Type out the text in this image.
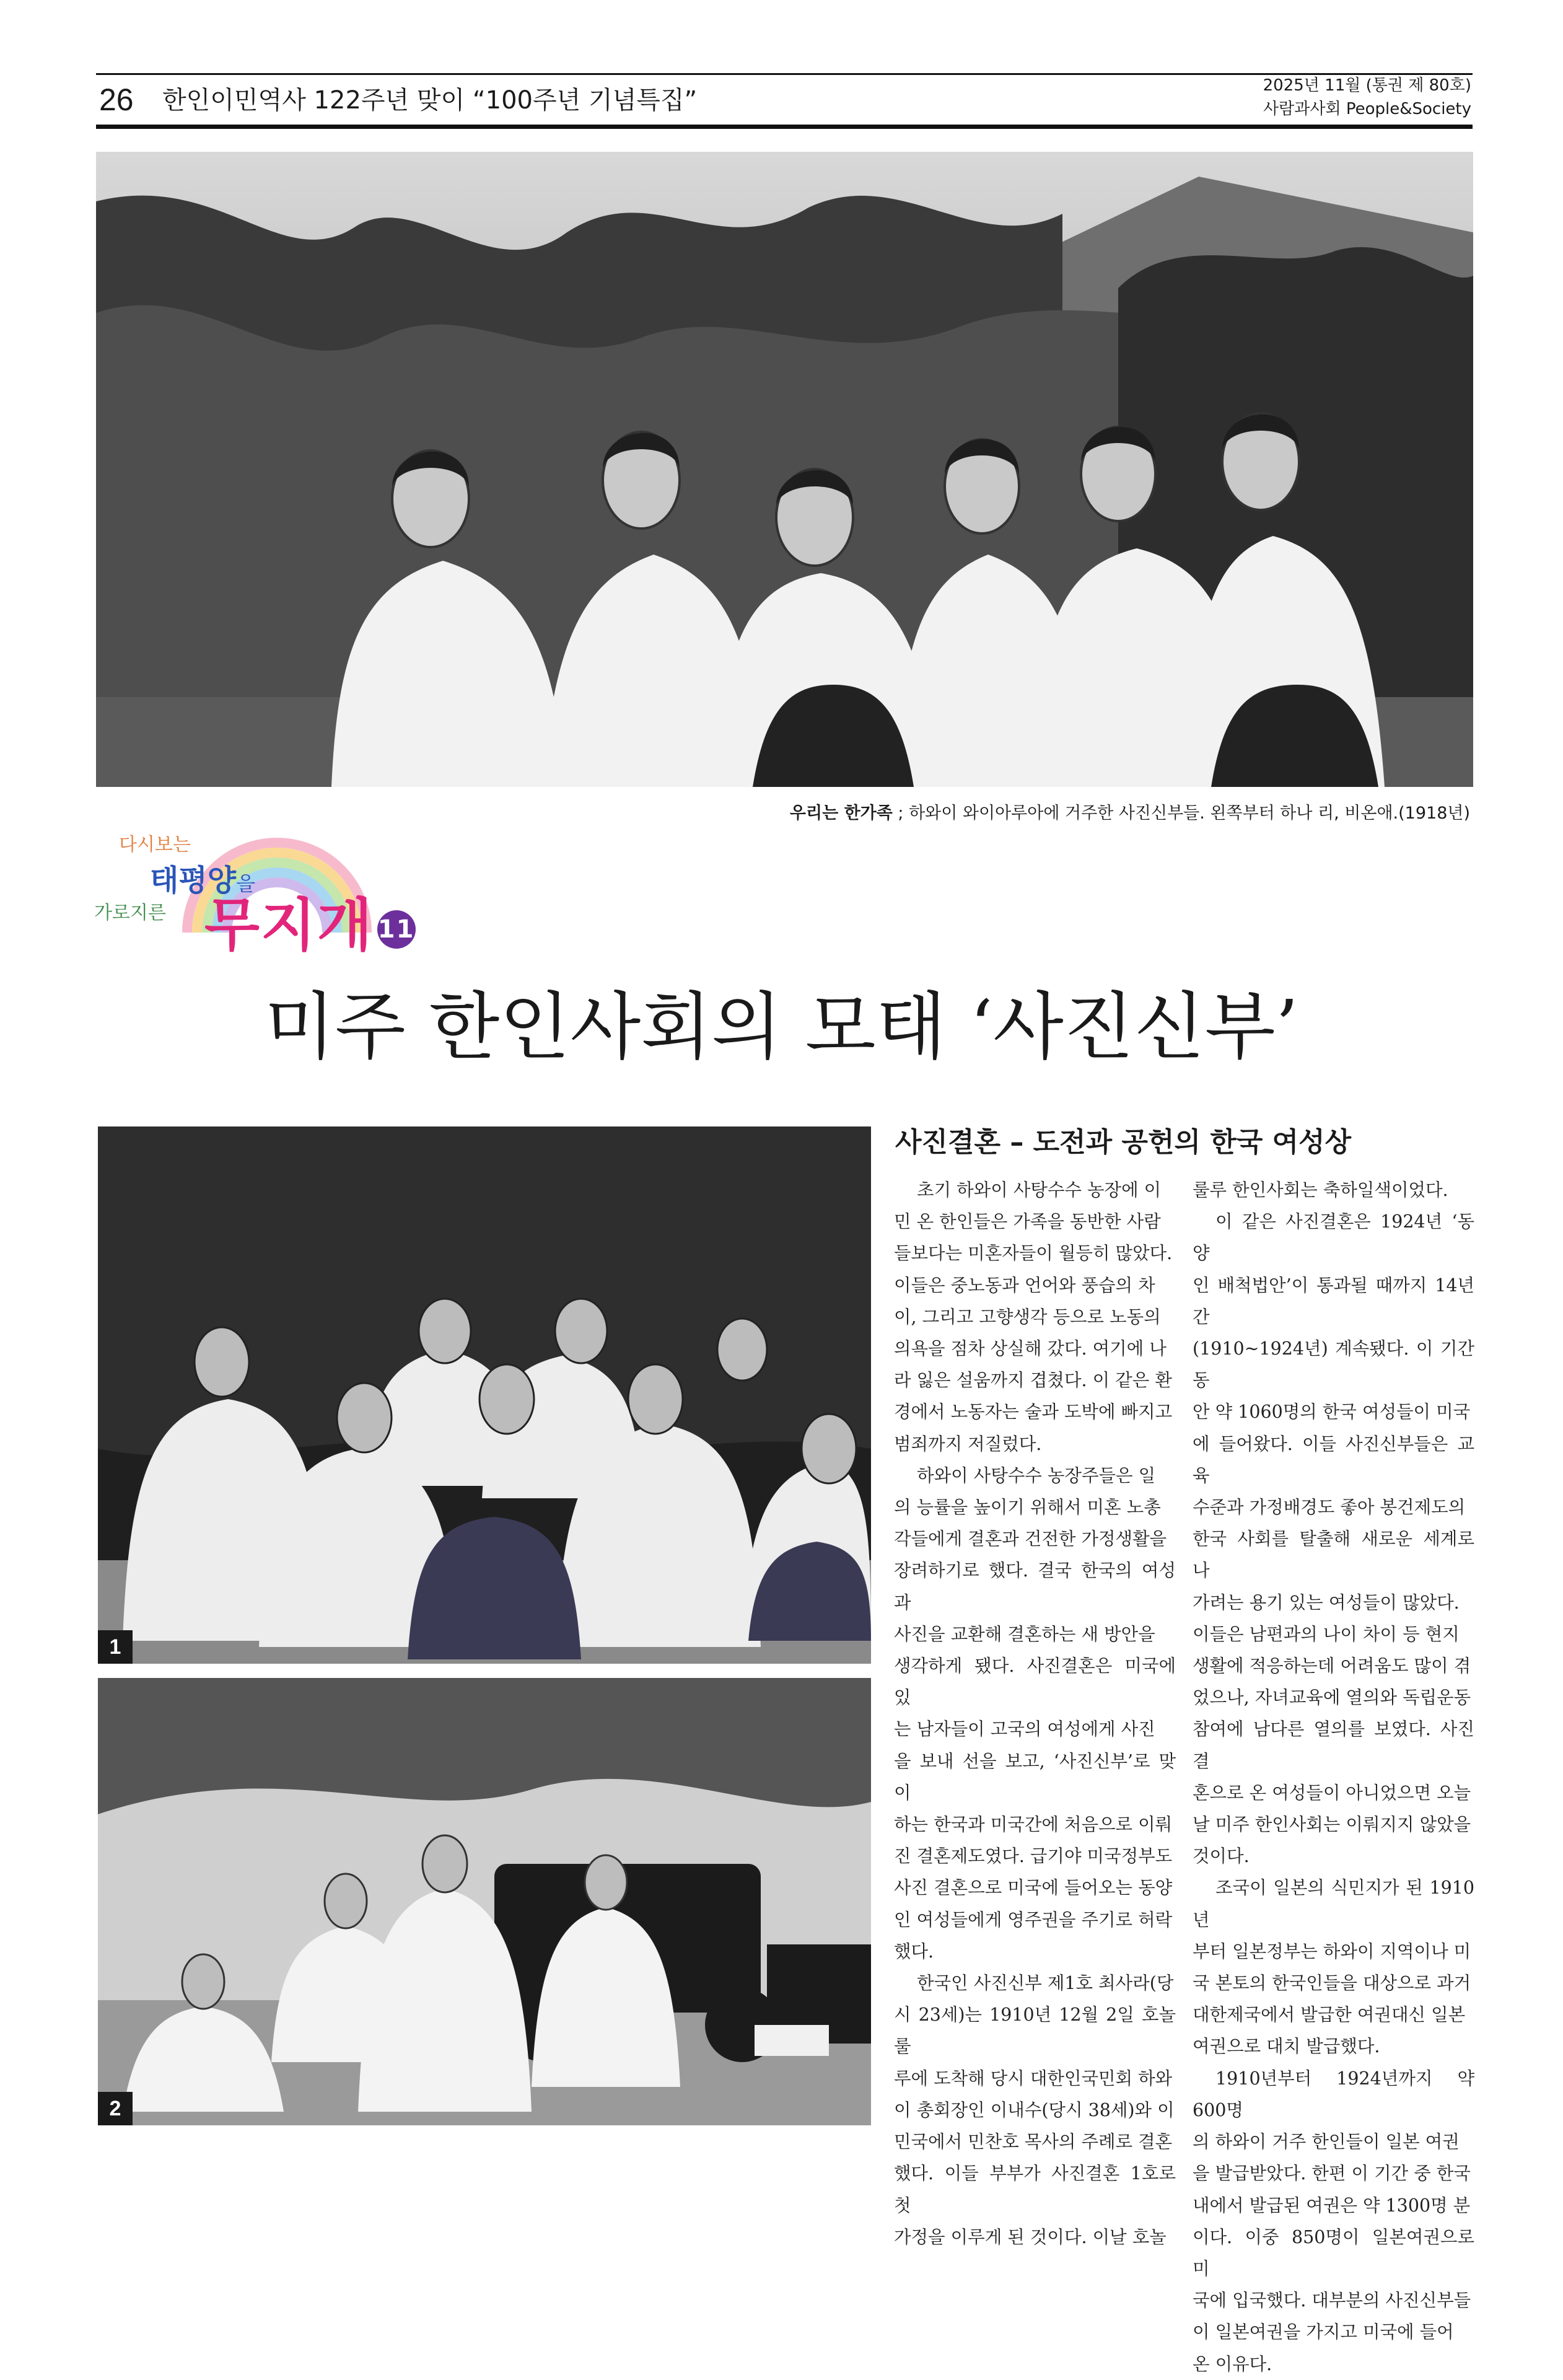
26 한인이민역사 122주년 맞이 “100주년 기념특집”
2025년 11월 (통권 제 80호)
사람과사회 People&Society
우리는 한가족 ; 하와이 와이아루아에 거주한 사진신부들. 왼쪽부터 하나 리, 비온애.(1918년)
다시보는
태평양을
가로지른 무지개 11
미주 한인사회의 모태 ‘사진신부’
1
2
사진결혼 – 도전과 공헌의 한국 여성상

초기 하와이 사탕수수 농장에 이
민 온 한인들은 가족을 동반한 사람
들보다는 미혼자들이 월등히 많았다.
이들은 중노동과 언어와 풍습의 차
이, 그리고 고향생각 등으로 노동의
의욕을 점차 상실해 갔다. 여기에 나
라 잃은 설움까지 겹쳤다. 이 같은 환
경에서 노동자는 술과 도박에 빠지고
범죄까지 저질렀다.

하와이 사탕수수 농장주들은 일
의 능률을 높이기 위해서 미혼 노총
각들에게 결혼과 건전한 가정생활을
장려하기로 했다. 결국 한국의 여성과
사진을 교환해 결혼하는 새 방안을
생각하게 됐다. 사진결혼은 미국에 있
는 남자들이 고국의 여성에게 사진
을 보내 선을 보고, ‘사진신부’로 맞이
하는 한국과 미국간에 처음으로 이뤄
진 결혼제도였다. 급기야 미국정부도
사진 결혼으로 미국에 들어오는 동양
인 여성들에게 영주권을 주기로 허락
했다.

한국인 사진신부 제1호 최사라(당
시 23세)는 1910년 12월 2일 호놀룰
루에 도착해 당시 대한인국민회 하와
이 총회장인 이내수(당시 38세)와 이
민국에서 민찬호 목사의 주례로 결혼
했다. 이들 부부가 사진결혼 1호로 첫
가정을 이루게 된 것이다. 이날 호놀

룰루 한인사회는 축하일색이었다.

이 같은 사진결혼은 1924년 ‘동양
인 배척법안’이 통과될 때까지 14년간
(1910~1924년) 계속됐다. 이 기간 동
안 약 1060명의 한국 여성들이 미국
에 들어왔다. 이들 사진신부들은 교육
수준과 가정배경도 좋아 봉건제도의
한국 사회를 탈출해 새로운 세계로 나
가려는 용기 있는 여성들이 많았다.
이들은 남편과의 나이 차이 등 현지
생활에 적응하는데 어려움도 많이 겪
었으나, 자녀교육에 열의와 독립운동
참여에 남다른 열의를 보였다. 사진결
혼으로 온 여성들이 아니었으면 오늘
날 미주 한인사회는 이뤄지지 않았을
것이다.

조국이 일본의 식민지가 된 1910년
부터 일본정부는 하와이 지역이나 미
국 본토의 한국인들을 대상으로 과거
대한제국에서 발급한 여권대신 일본
여권으로 대치 발급했다.

1910년부터 1924년까지 약 600명
의 하와이 거주 한인들이 일본 여권
을 발급받았다. 한편 이 기간 중 한국
내에서 발급된 여권은 약 1300명 분
이다. 이중 850명이 일본여권으로 미
국에 입국했다. 대부분의 사진신부들
이 일본여권을 가지고 미국에 들어
온 이유다.
